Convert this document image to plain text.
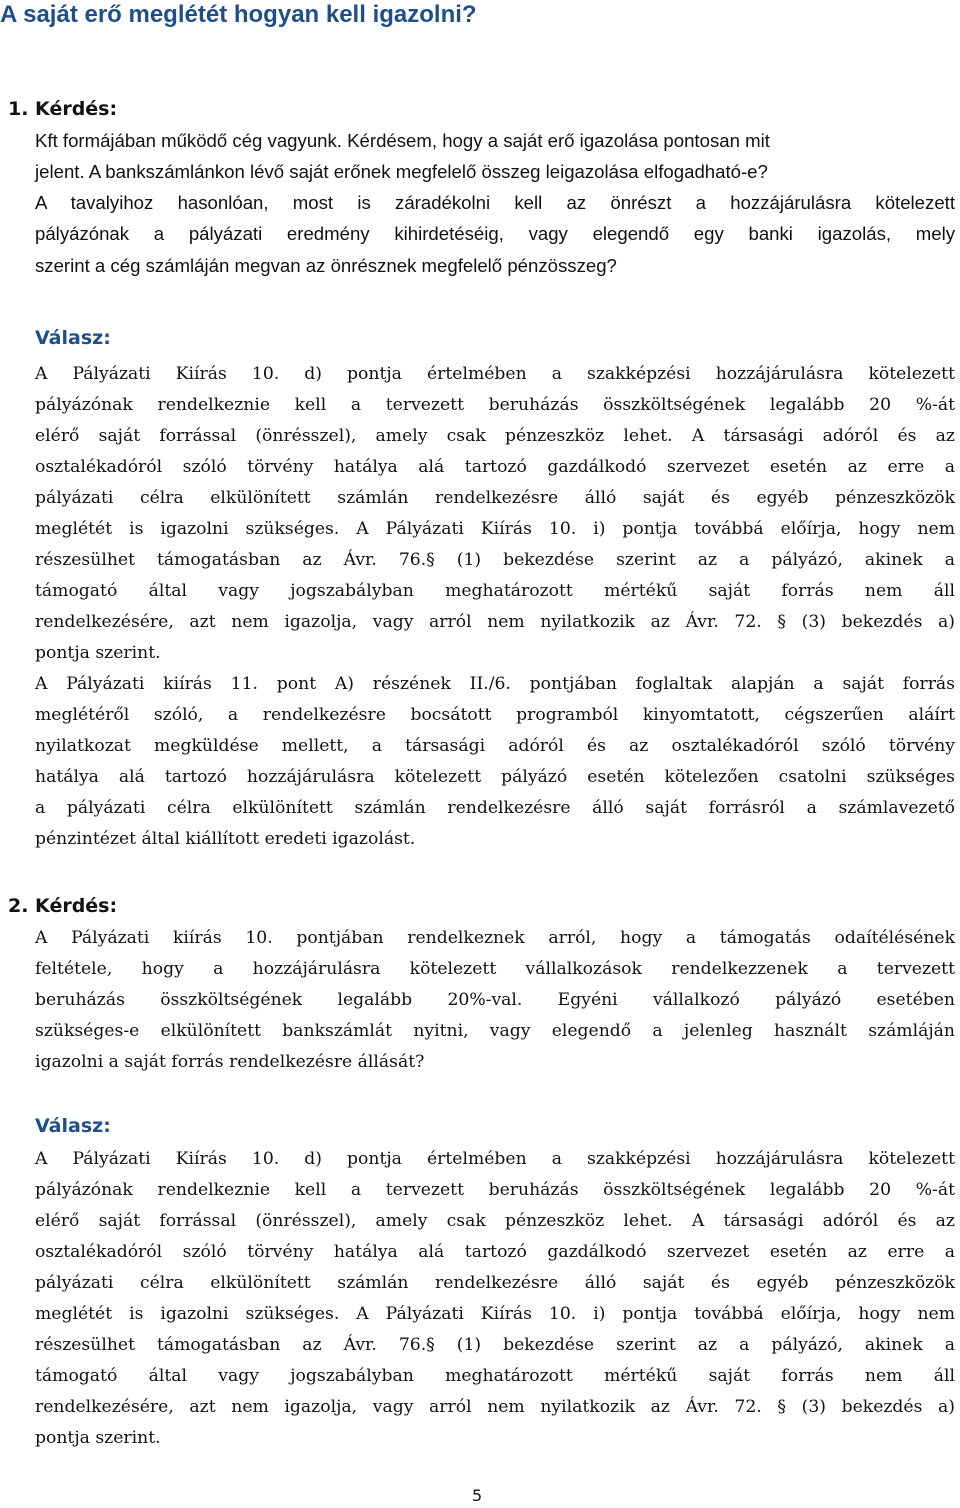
A saját erő meglétét hogyan kell igazolni?
1. Kérdés:

Kft formájában működő cég vagyunk. Kérdésem, hogy a saját erő igazolása pontosan mit

jelent. A bankszámlánkon lévő saját erőnek megfelelő összeg leigazolása elfogadható-e?

A tavalyihoz hasonlóan, most is záradékolni kell az önrészt a hozzájárulásra kötelezett

pályázónak a pályázati eredmény kihirdetéséig, vagy elegendő egy banki igazolás, mely

szerint a cég számláján megvan az önrésznek megfelelő pénzösszeg?

Válasz:

A Pályázati Kiírás 10. d) pontja értelmében a szakképzési hozzájárulásra kötelezett

pályázónak rendelkeznie kell a tervezett beruházás összköltségének legalább 20 %-át

elérő saját forrással (önrésszel), amely csak pénzeszköz lehet. A társasági adóról és az

osztalékadóról szóló törvény hatálya alá tartozó gazdálkodó szervezet esetén az erre a

pályázati célra elkülönített számlán rendelkezésre álló saját és egyéb pénzeszközök

meglétét is igazolni szükséges. A Pályázati Kiírás 10. i) pontja továbbá előírja, hogy nem

részesülhet támogatásban az Ávr. 76.§ (1) bekezdése szerint az a pályázó, akinek a

támogató által vagy jogszabályban meghatározott mértékű saját forrás nem áll

rendelkezésére, azt nem igazolja, vagy arról nem nyilatkozik az Ávr. 72. § (3) bekezdés a)

pontja szerint.

A Pályázati kiírás 11. pont A) részének II./6. pontjában foglaltak alapján a saját forrás

meglétéről szóló, a rendelkezésre bocsátott programból kinyomtatott, cégszerűen aláírt

nyilatkozat megküldése mellett, a társasági adóról és az osztalékadóról szóló törvény

hatálya alá tartozó hozzájárulásra kötelezett pályázó esetén kötelezően csatolni szükséges

a pályázati célra elkülönített számlán rendelkezésre álló saját forrásról a számlavezető

pénzintézet által kiállított eredeti igazolást.

2. Kérdés:

A Pályázati kiírás 10. pontjában rendelkeznek arról, hogy a támogatás odaítélésének

feltétele, hogy a hozzájárulásra kötelezett vállalkozások rendelkezzenek a tervezett

beruházás összköltségének legalább 20%-val. Egyéni vállalkozó pályázó esetében

szükséges-e elkülönített bankszámlát nyitni, vagy elegendő a jelenleg használt számláján

igazolni a saját forrás rendelkezésre állását?

Válasz:

A Pályázati Kiírás 10. d) pontja értelmében a szakképzési hozzájárulásra kötelezett

pályázónak rendelkeznie kell a tervezett beruházás összköltségének legalább 20 %-át

elérő saját forrással (önrésszel), amely csak pénzeszköz lehet. A társasági adóról és az

osztalékadóról szóló törvény hatálya alá tartozó gazdálkodó szervezet esetén az erre a

pályázati célra elkülönített számlán rendelkezésre álló saját és egyéb pénzeszközök

meglétét is igazolni szükséges. A Pályázati Kiírás 10. i) pontja továbbá előírja, hogy nem

részesülhet támogatásban az Ávr. 76.§ (1) bekezdése szerint az a pályázó, akinek a

támogató által vagy jogszabályban meghatározott mértékű saját forrás nem áll

rendelkezésére, azt nem igazolja, vagy arról nem nyilatkozik az Ávr. 72. § (3) bekezdés a)

pontja szerint.

5
